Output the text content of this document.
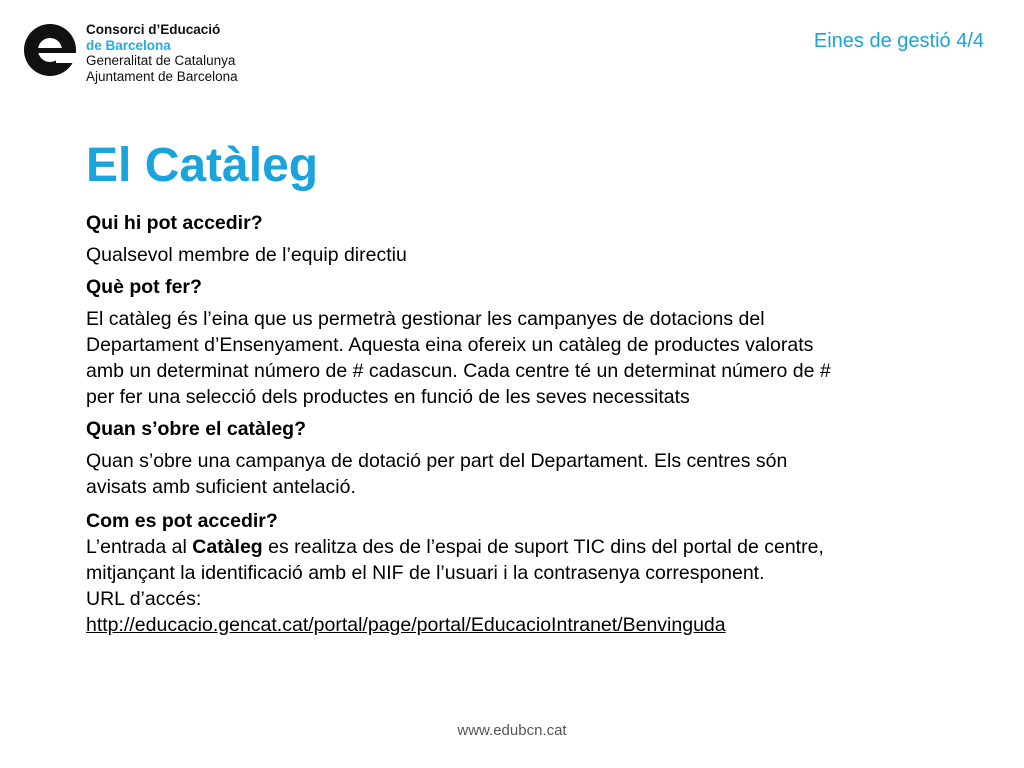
Consorci d’Educació
de Barcelona
Generalitat de Catalunya
Ajuntament de Barcelona
Eines de gestió 4/4
El Catàleg
Qui hi pot accedir?
Qualsevol membre de l’equip directiu
Què pot fer?
El catàleg és l’eina que us permetrà gestionar les campanyes de dotacions del
Departament d’Ensenyament. Aquesta eina ofereix un catàleg de productes valorats
amb un determinat número de # cadascun. Cada centre té un determinat número de #
per fer una selecció dels productes en funció de les seves necessitats
Quan s’obre el catàleg?
Quan s’obre una campanya de dotació per part del Departament. Els centres són
avisats amb suficient antelació.
Com es pot accedir?
L’entrada al Catàleg es realitza des de l’espai de suport TIC dins del portal de centre,
mitjançant la identificació amb el NIF de l’usuari i la contrasenya corresponent.
URL d’accés:
http://educacio.gencat.cat/portal/page/portal/EducacioIntranet/Benvinguda
www.edubcn.cat
